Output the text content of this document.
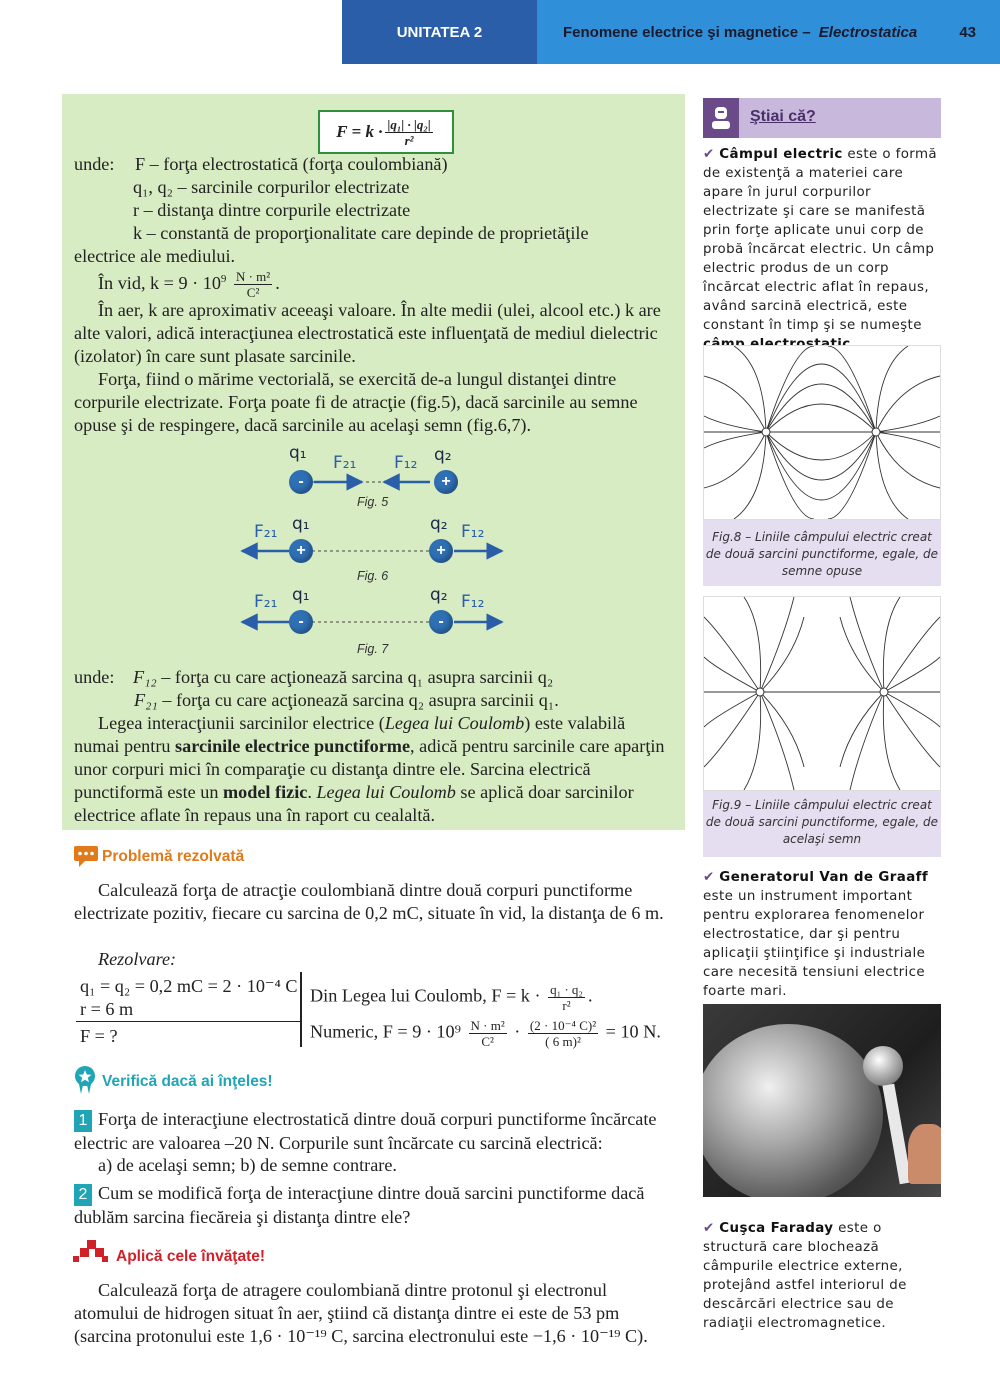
UNITATEA 2	Fenomene electrice şi magnetice –
Electrostatica	43
$F = k \cdot \frac{\text{|q₁| · |q₂|}}{\text{r²}}$
unde: F – forţa electrostatică (forţa coulombiană)
q₁, q₂ – sarcinile corpurilor electrizate
r – distanţa dintre corpurile electrizate
k – constantă de proporţionalitate care depinde de proprietăţile
electrice ale mediului.
În vid, $k = 9 \cdot 10^9 \frac{\text{N · m²}}{\text{C²}}$ .
În aer, k are aproximativ aceeaşi valoare. În alte medii (ulei, alcool etc.) k are alte valori, adică interacţiunea electrostatică este influenţată de mediul dielectric (izolator) în care sunt plasate sarcinile.
Forţa, fiind o mărime vectorială, se exercită de-a lungul distanţei dintre corpurile electrizate. Forţa poate fi de atracţie (fig.5), dacă sarcinile au semne opuse şi de respingere, dacă sarcinile au acelaşi semn (fig.6,7).
-	+
q₁	q₂
F₂₁ F₁₂
Fig. 5
+	+
q₁	q₂
F₂₁	F₁₂
Fig. 6
-	-
q₁	q₂
F₂₁	F₁₂
Fig. 7
unde: F₁₂ – forţa cu care acţionează sarcina q₁ asupra sarcinii q₂
F₂₁ – forţa cu care acţionează sarcina q₂ asupra sarcinii q₁.
Legea interacţiunii sarcinilor electrice (Legea lui Coulomb) este valabilă numai pentru sarcinile electrice punctiforme, adică pentru sarcinile care aparţin unor corpuri mici în comparaţie cu distanţa dintre ele. Sarcina electrică punctiformă este un model fizic. Legea lui Coulomb se aplică doar sarcinilor electrice aflate în repaus una în raport cu cealaltă.
Problemă rezolvată
Calculează forţa de atracţie coulombiană dintre două corpuri punctiforme electrizate pozitiv, fiecare cu sarcina de 0,2 mC, situate în vid, la distanţa de 6 m.
Rezolvare:
q₁ = q₂ = 0,2 mC = 2 · 10⁻⁴ C
r = 6 m
F = ?
Din Legea lui Coulomb, $F = k \cdot \frac{\text{q₁ · q₂}}{\text{r²}}$ .
Numeric, $F = 9 \cdot 10^9 \frac{\text{N · m²}}{\text{C²}} \cdot \frac{\text{(2 · 10⁻⁴ C)²}}{\text{( 6 m)²}} = 10$ N.
Verifică dacă ai înţeles!
1 Forţa de interacţiune electrostatică dintre două corpuri punctiforme încărcate electric are valoarea –20 N. Corpurile sunt încărcate cu sarcină electrică:
a) de acelaşi semn; b) de semne contrare.
2 Cum se modifică forţa de interacţiune dintre două sarcini punctiforme dacă dublăm sarcina fiecăreia şi distanţa dintre ele?
Aplică cele învăţate!
Calculează forţa de atragere coulombiană dintre protonul şi electronul atomului de hidrogen situat în aer, ştiind că distanţa dintre ei este de 53 pm (sarcina protonului este 1,6 · 10⁻¹⁹ C, sarcina electronului este −1,6 · 10⁻¹⁹ C).
Ştiai că?
✔ Câmpul electric este o formă de existenţă a materiei care apare în jurul corpurilor electrizate şi care se manifestă prin forţe aplicate unui corp de probă încărcat electric. Un câmp electric produs de un corp încărcat electric aflat în repaus, având sarcină electrică, este constant în timp şi se numeşte
Fig.8 – Liniile câmpului electric creat de două sarcini punctiforme, egale, de semne opuse
Fig.9 – Liniile câmpului electric creat de două sarcini punctiforme, egale, de acelaşi semn
✔ Generatorul Van de Graaff este un instrument important pentru explorarea fenomenelor electrostatice, dar şi pentru aplicaţii ştiinţifice şi industriale care necesită tensiuni electrice foarte mari.
✔ Cuşca Faraday este o structură care blochează câmpurile electrice externe, protejând astfel interiorul de descărcări electrice sau de radiaţii electromagnetice.
